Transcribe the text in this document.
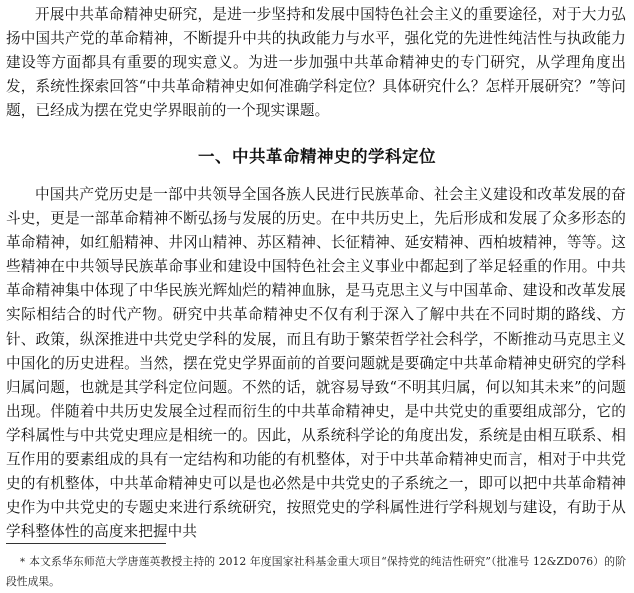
开展中共革命精神史研究，是进一步坚持和发展中国特色社会主义的重要途径，对于大力弘扬中国共产党的革命精神，不断提升中共的执政能力与水平，强化党的先进性纯洁性与执政能力建设等方面都具有重要的现实意义。为进一步加强中共革命精神史的专门研究，从学理角度出发，系统性探索回答“中共革命精神史如何准确学科定位？具体研究什么？怎样开展研究？”等问题，已经成为摆在党史学界眼前的一个现实课题。

一、中共革命精神史的学科定位

中国共产党历史是一部中共领导全国各族人民进行民族革命、社会主义建设和改革发展的奋斗史，更是一部革命精神不断弘扬与发展的历史。在中共历史上，先后形成和发展了众多形态的革命精神，如红船精神、井冈山精神、苏区精神、长征精神、延安精神、西柏坡精神，等等。这些精神在中共领导民族革命事业和建设中国特色社会主义事业中都起到了举足轻重的作用。中共革命精神集中体现了中华民族光辉灿烂的精神血脉，是马克思主义与中国革命、建设和改革发展实际相结合的时代产物。研究中共革命精神史不仅有利于深入了解中共在不同时期的路线、方针、政策，纵深推进中共党史学科的发展，而且有助于繁荣哲学社会科学，不断推动马克思主义中国化的历史进程。当然，摆在党史学界面前的首要问题就是要确定中共革命精神史研究的学科归属问题，也就是其学科定位问题。不然的话，就容易导致“不明其归属，何以知其未来”的问题出现。伴随着中共历史发展全过程而衍生的中共革命精神史，是中共党史的重要组成部分，它的学科属性与中共党史理应是相统一的。因此，从系统科学论的角度出发，系统是由相互联系、相互作用的要素组成的具有一定结构和功能的有机整体，对于中共革命精神史而言，相对于中共党史的有机整体，中共革命精神史可以是也必然是中共党史的子系统之一，即可以把中共革命精神史作为中共党史的专题史来进行系统研究，按照党史的学科属性进行学科规划与建设，有助于从学科整体性的高度来把握中共

* 本文系华东师范大学唐莲英教授主持的 2012 年度国家社科基金重大项目“保持党的纯洁性研究”（批准号 12&ZD076）的阶段性成果。
